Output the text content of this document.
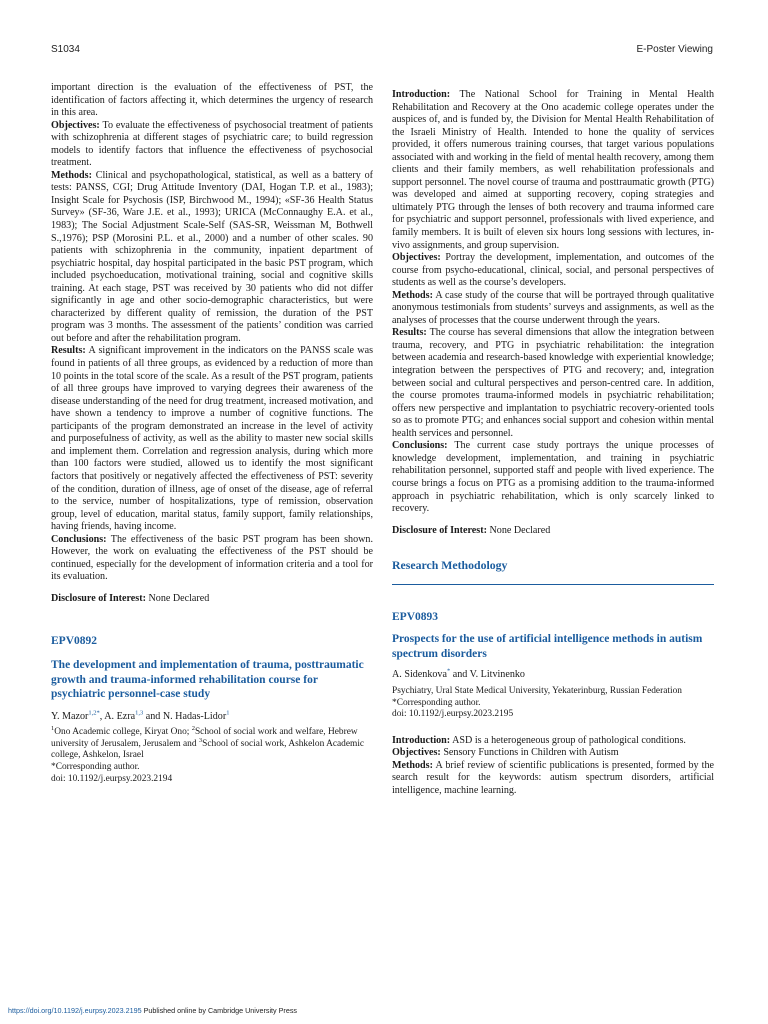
S1034	E-Poster Viewing

important direction is the evaluation of the effectiveness of PST, the identification of factors affecting it, which determines the urgency of research in this area.

Objectives: To evaluate the effectiveness of psychosocial treatment of patients with schizophrenia at different stages of psychiatric care; to build regression models to identify factors that influence the effectiveness of psychosocial treatment.

Methods: Clinical and psychopathological, statistical, as well as a battery of tests: PANSS, CGI; Drug Attitude Inventory (DAI, Hogan T.P. et al., 1983); Insight Scale for Psychosis (ISP, Birchwood M., 1994); «SF-36 Health Status Survey» (SF-36, Ware J.E. et al., 1993); URICA (McConnaughy E.A. et al., 1983); The Social Adjustment Scale-Self (SAS-SR, Weissman M, Bothwell S.,1976); PSP (Morosini P.L. et al., 2000) and a number of other scales. 90 patients with schizophrenia in the community, inpatient department of psychiatric hospital, day hospital participated in the basic PST program, which included psychoeducation, motivational training, social and cognitive skills training. At each stage, PST was received by 30 patients who did not differ significantly in age and other socio-demographic characteristics, but were characterized by different quality of remission, the duration of the PST program was 3 months. The assessment of the patients’ condition was carried out before and after the rehabilitation program.

Results: A significant improvement in the indicators on the PANSS scale was found in patients of all three groups, as evidenced by a reduction of more than 10 points in the total score of the scale. As a result of the PST program, patients of all three groups have improved to varying degrees their awareness of the disease understanding of the need for drug treatment, increased motivation, and have shown a tendency to improve a number of cognitive functions. The participants of the program demonstrated an increase in the level of activity and purposefulness of activity, as well as the ability to master new social skills and implement them. Correlation and regression analysis, during which more than 100 factors were studied, allowed us to identify the most significant factors that positively or negatively affected the effectiveness of PST: severity of the condition, duration of illness, age of onset of the disease, age of referral to the service, number of hospitalizations, type of remission, observation group, level of education, marital status, family support, family relationships, having friends, having income.

Conclusions: The effectiveness of the basic PST program has been shown. However, the work on evaluating the effectiveness of the PST should be continued, especially for the development of information criteria and a tool for its evaluation.

Disclosure of Interest: None Declared

EPV0892

The development and implementation of trauma, posttraumatic growth and trauma-informed rehabilitation course for psychiatric personnel-case study

Y. Mazor$^{1,2*}$, A. Ezra$^{1,3}$ and N. Hadas-Lidor$^1$

$^1$Ono Academic college, Kiryat Ono; $^2$School of social work and welfare, Hebrew university of Jerusalem, Jerusalem and $^3$School of social work, Ashkelon Academic college, Ashkelon, Israel

*Corresponding author.

doi: 10.1192/j.eurpsy.2023.2194

Introduction: The National School for Training in Mental Health Rehabilitation and Recovery at the Ono academic college operates under the auspices of, and is funded by, the Division for Mental Health Rehabilitation of the Israeli Ministry of Health. Intended to hone the quality of services provided, it offers numerous training courses, that target various populations associated with and working in the field of mental health recovery, among them clients and their family members, as well rehabilitation professionals and support personnel. The novel course of trauma and posttraumatic growth (PTG) was developed and aimed at supporting recovery, coping strategies and ultimately PTG through the lenses of both recovery and trauma informed care for psychiatric and support personnel, professionals with lived experience, and family members. It is built of eleven six hours long sessions with lectures, in-vivo assignments, and group supervision.

Objectives: Portray the development, implementation, and outcomes of the course from psycho-educational, clinical, social, and personal perspectives of students as well as the course’s developers.

Methods: A case study of the course that will be portrayed through qualitative anonymous testimonials from students’ surveys and assignments, as well as the analyses of processes that the course underwent through the years.

Results: The course has several dimensions that allow the integration between trauma, recovery, and PTG in psychiatric rehabilitation: the integration between academia and research-based knowledge with experiential knowledge; integration between the perspectives of PTG and recovery; and, integration between social and cultural perspectives and person-centred care. In addition, the course promotes trauma-informed models in psychiatric rehabilitation; offers new perspective and implantation to psychiatric recovery-oriented tools so as to promote PTG; and enhances social support and cohesion within mental health services and personnel.

Conclusions: The current case study portrays the unique processes of knowledge development, implementation, and training in psychiatric rehabilitation personnel, supported staff and people with lived experience. The course brings a focus on PTG as a promising addition to the trauma-informed approach in psychiatric rehabilitation, which is only scarcely linked to recovery.

Disclosure of Interest: None Declared

Research Methodology

EPV0893

Prospects for the use of artificial intelligence methods in autism spectrum disorders

A. Sidenkova* and V. Litvinenko

Psychiatry, Ural State Medical University, Yekaterinburg, Russian Federation

*Corresponding author.

doi: 10.1192/j.eurpsy.2023.2195

Introduction: ASD is a heterogeneous group of pathological conditions.

Objectives: Sensory Functions in Children with Autism

Methods: A brief review of scientific publications is presented, formed by the search result for the keywords: autism spectrum disorders, artificial intelligence, machine learning.

https://doi.org/10.1192/j.eurpsy.2023.2195 Published online by Cambridge University Press
